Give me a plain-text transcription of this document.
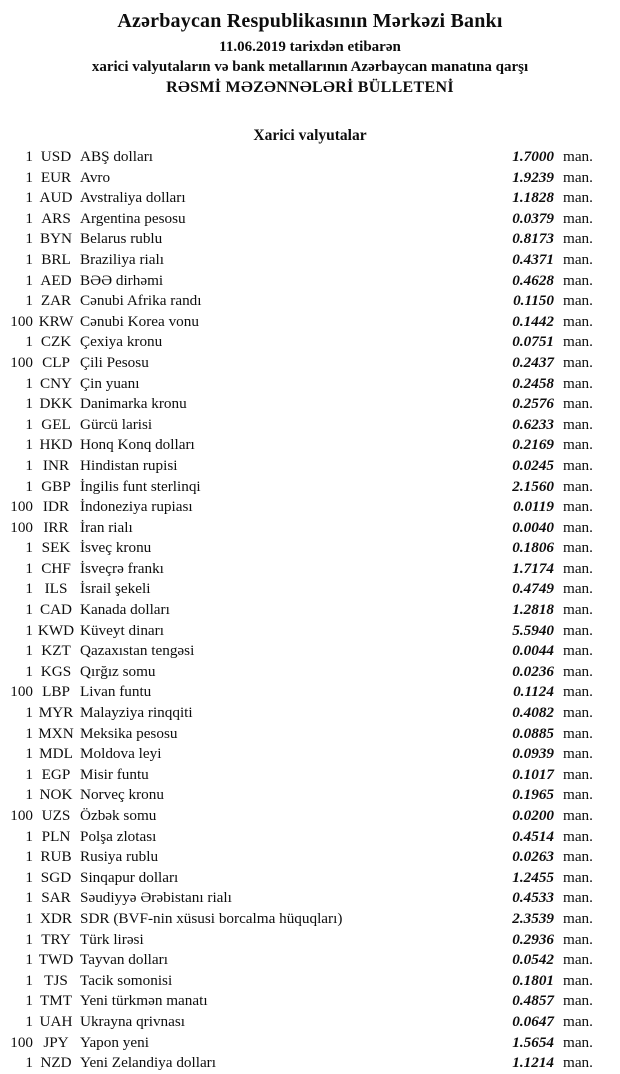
Azərbaycan Respublikasının Mərkəzi Bankı
11.06.2019 tarixdən etibarən
xarici valyutaların və bank metallarının Azərbaycan manatına qarşı
RƏSMİ MƏZƏNNƏLƏRİ BÜLLETENİ
Xarici valyutalar
1 USD ABŞ dolları	1.7000 man.
1 EUR Avro	1.9239 man.
1 AUD Avstraliya dolları	1.1828 man.
1 ARS Argentina pesosu	0.0379 man.
1 BYN Belarus rublu	0.8173 man.
1 BRL Braziliya rialı	0.4371 man.
1 AED BƏƏ dirhəmi	0.4628 man.
1 ZAR Cənubi Afrika randı	0.1150 man.
100 KRW Cənubi Korea vonu	0.1442 man.
1 CZK Çexiya kronu	0.0751 man.
100 CLP Çili Pesosu	0.2437 man.
1 CNY Çin yuanı	0.2458 man.
1 DKK Danimarka kronu	0.2576 man.
1 GEL Gürcü larisi	0.6233 man.
1 HKD Honq Konq dolları	0.2169 man.
1 INR Hindistan rupisi	0.0245 man.
1 GBP İngilis funt sterlinqi	2.1560 man.
100 IDR İndoneziya rupiası	0.0119 man.
100 IRR İran rialı	0.0040 man.
1 SEK İsveç kronu	0.1806 man.
1 CHF İsveçrə frankı	1.7174 man.
1 ILS İsrail şekeli	0.4749 man.
1 CAD Kanada dolları	1.2818 man.
1 KWD Küveyt dinarı	5.5940 man.
1 KZT Qazaxıstan tengəsi	0.0044 man.
1 KGS Qırğız somu	0.0236 man.
100 LBP Livan funtu	0.1124 man.
1 MYR Malayziya rinqqiti	0.4082 man.
1 MXN Meksika pesosu	0.0885 man.
1 MDL Moldova leyi	0.0939 man.
1 EGP Misir funtu	0.1017 man.
1 NOK Norveç kronu	0.1965 man.
100 UZS Özbək somu	0.0200 man.
1 PLN Polşa zlotası	0.4514 man.
1 RUB Rusiya rublu	0.0263 man.
1 SGD Sinqapur dolları	1.2455 man.
1 SAR Səudiyyə Ərəbistanı rialı	0.4533 man.
1 XDR SDR (BVF-nin xüsusi borcalma hüquqları)	2.3539 man.
1 TRY Türk lirəsi	0.2936 man.
1 TWD Tayvan dolları	0.0542 man.
1 TJS Tacik somonisi	0.1801 man.
1 TMT Yeni türkmən manatı	0.4857 man.
1 UAH Ukrayna qrivnası	0.0647 man.
100 JPY Yapon yeni	1.5654 man.
1 NZD Yeni Zelandiya dolları	1.1214 man.
